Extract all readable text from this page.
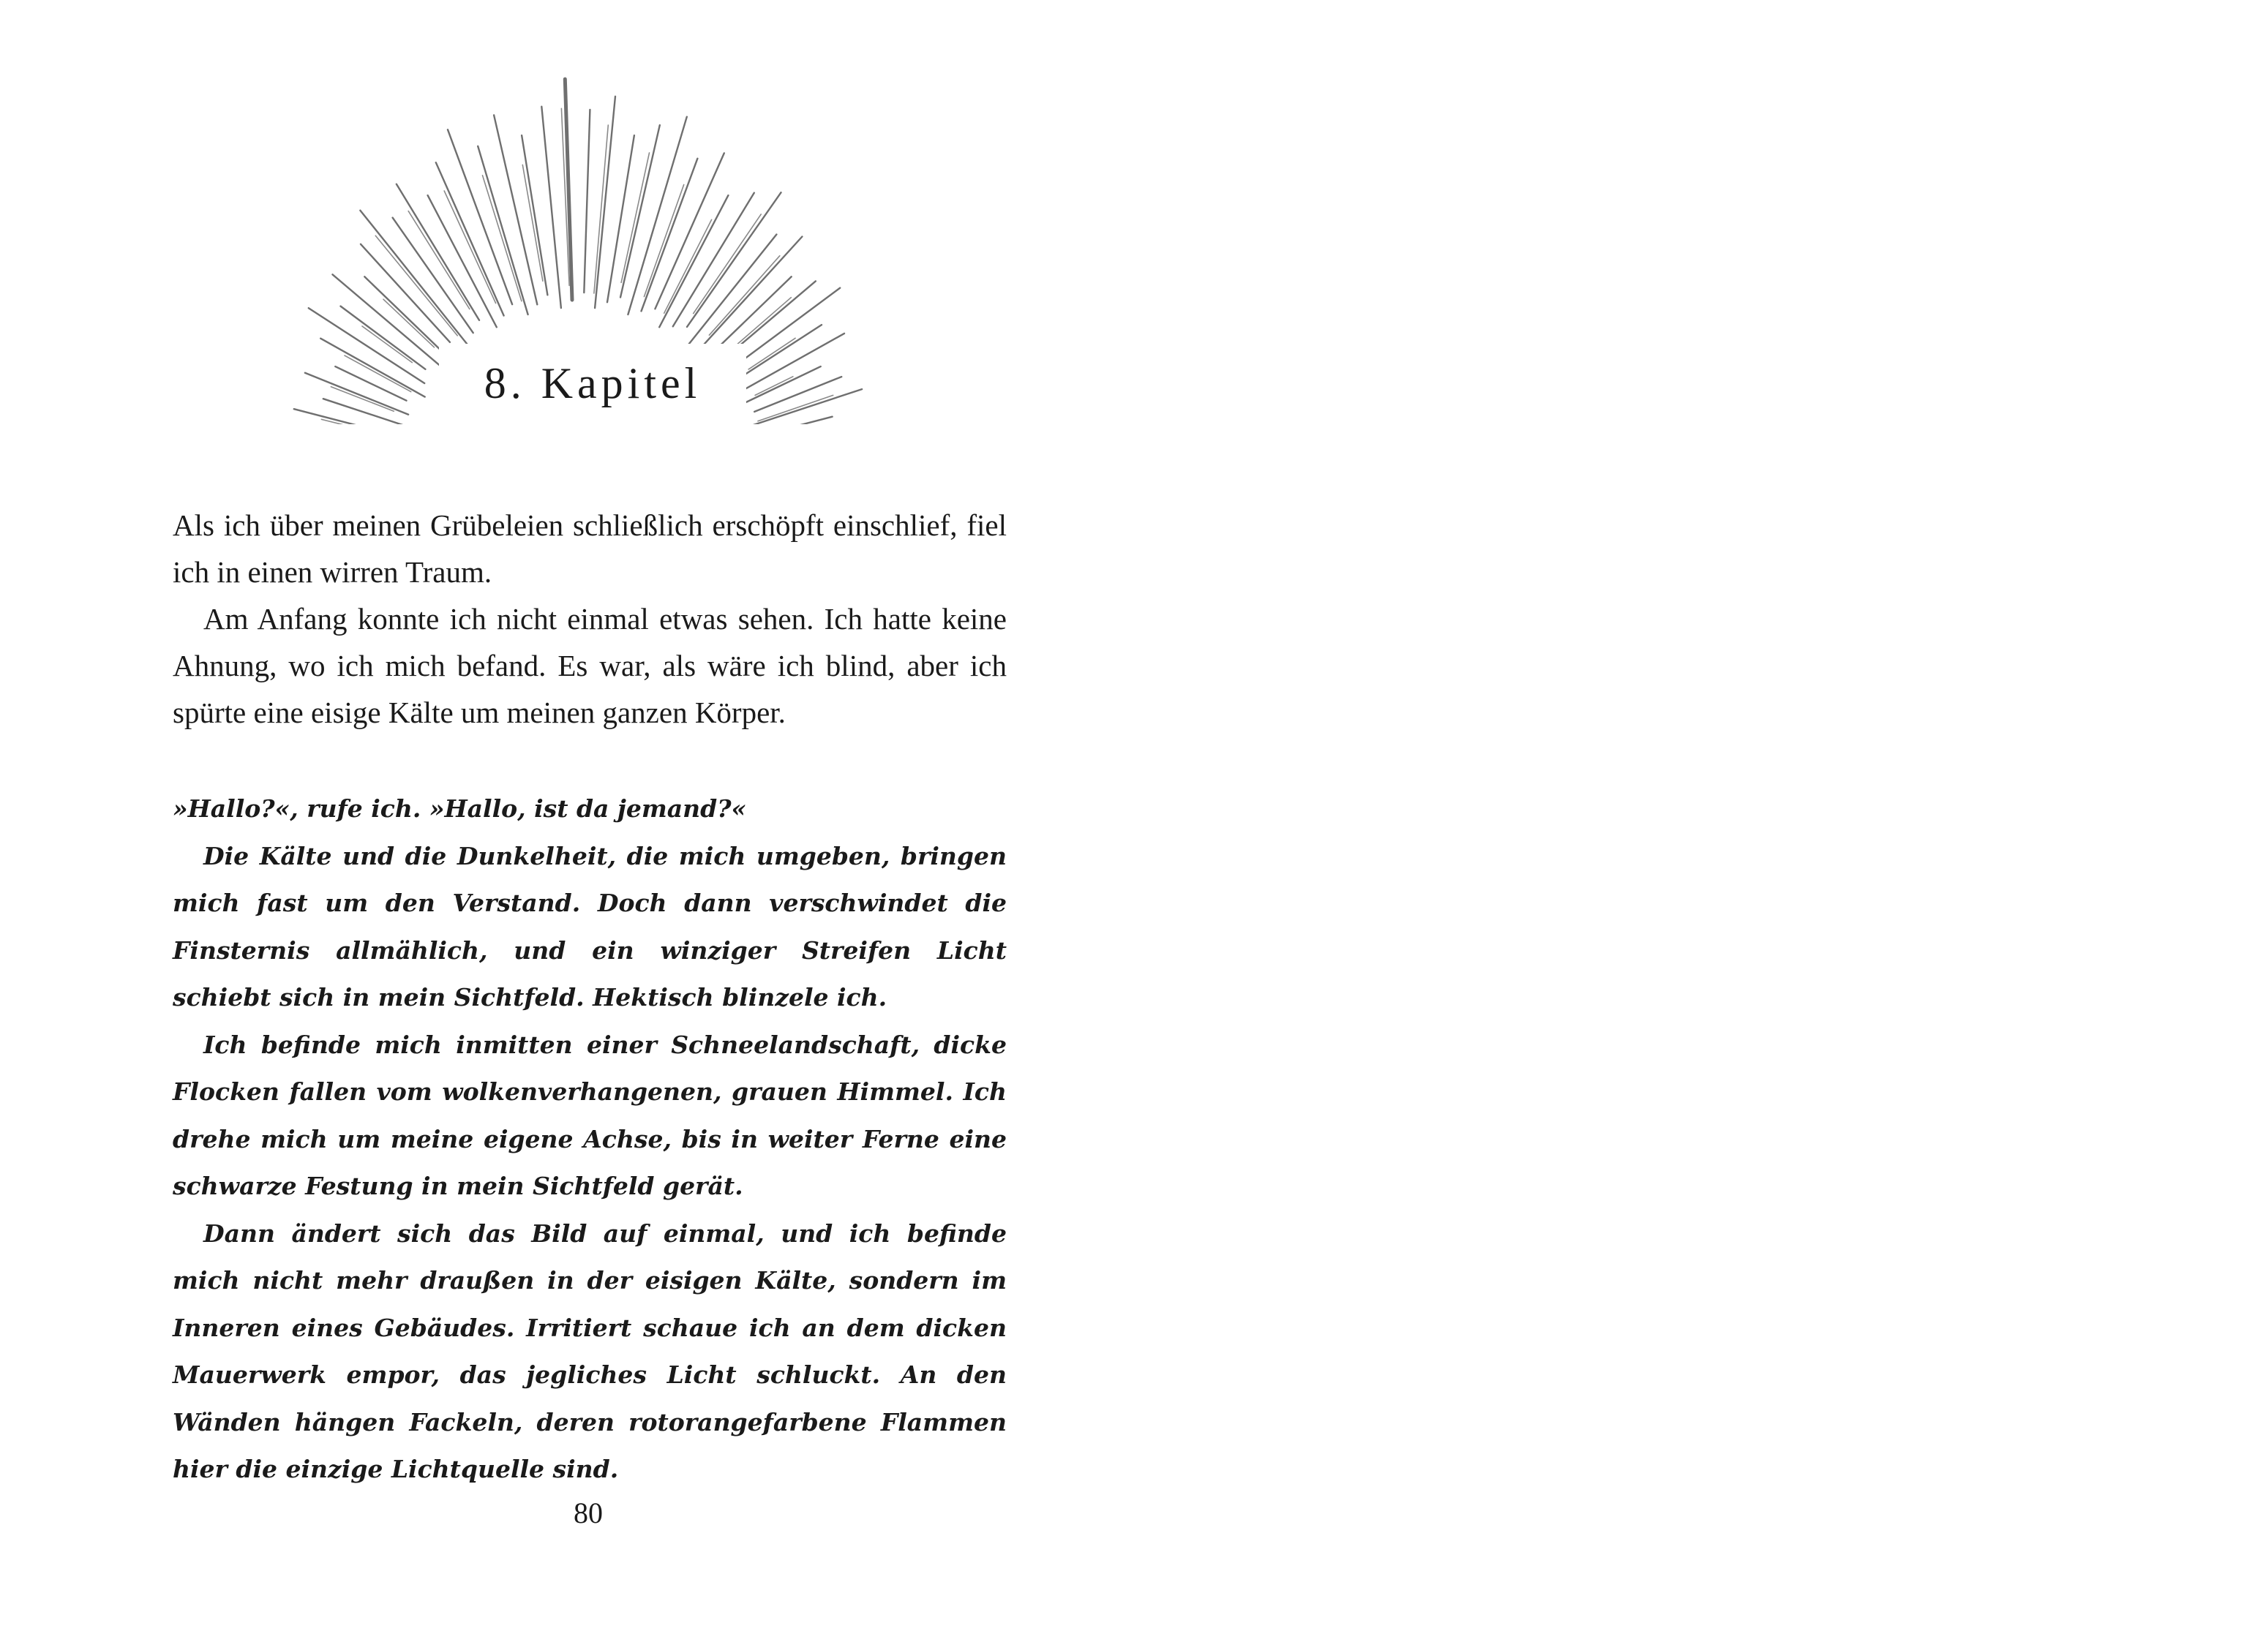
8. Kapitel

Als ich über meinen Grübeleien schließlich erschöpft einschlief, fiel ich in einen wirren Traum.

Am Anfang konnte ich nicht einmal etwas sehen. Ich hatte keine Ahnung, wo ich mich befand. Es war, als wäre ich blind, aber ich spürte eine eisige Kälte um meinen ganzen Körper.

»Hallo?«, rufe ich. »Hallo, ist da jemand?«

Die Kälte und die Dunkelheit, die mich umgeben, bringen mich fast um den Verstand. Doch dann verschwindet die Finsternis allmählich, und ein winziger Streifen Licht schiebt sich in mein Sichtfeld. Hektisch blinzele ich.

Ich befinde mich inmitten einer Schneelandschaft, dicke Flocken fallen vom wolkenverhangenen, grauen Himmel. Ich drehe mich um meine eigene Achse, bis in weiter Ferne eine schwarze Festung in mein Sichtfeld gerät.

Dann ändert sich das Bild auf einmal, und ich befinde mich nicht mehr draußen in der eisigen Kälte, sondern im Inneren eines Gebäudes. Irritiert schaue ich an dem dicken Mauerwerk empor, das jegliches Licht schluckt. An den Wänden hängen Fackeln, deren rotorangefarbene Flammen hier die einzige Lichtquelle sind.

80
